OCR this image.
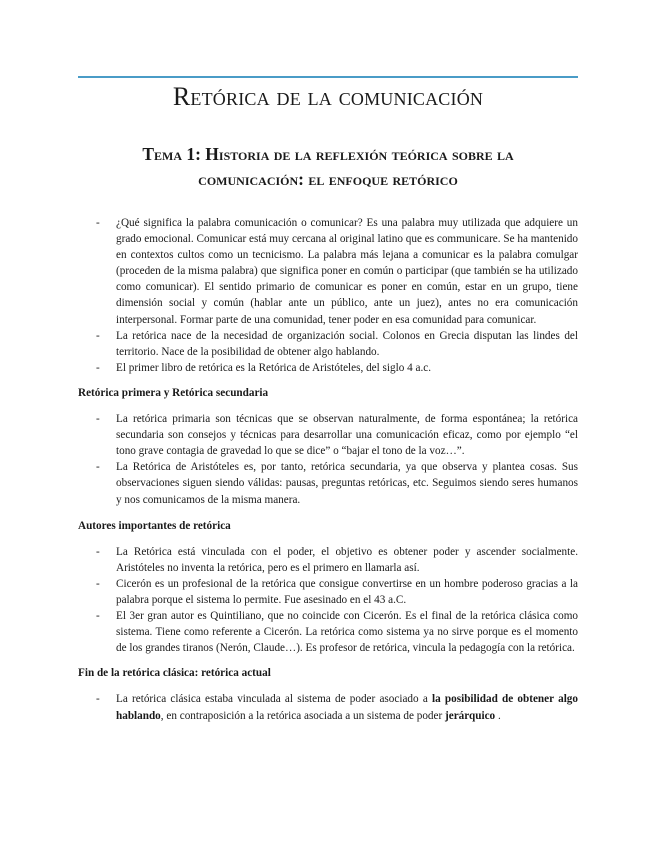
Retórica de la comunicación
Tema 1: Historia de la reflexión teórica sobre la
comunicación: el enfoque retórico
- ¿Qué significa la palabra comunicación o comunicar? Es una palabra muy utilizada que adquiere un grado emocional. Comunicar está muy cercana al original latino que es communicare. Se ha mantenido en contextos cultos como un tecnicismo. La palabra más lejana a comunicar es la palabra comulgar (proceden de la misma palabra) que significa poner en común o participar (que también se ha utilizado como comunicar). El sentido primario de comunicar es poner en común, estar en un grupo, tiene dimensión social y común (hablar ante un público, ante un juez), antes no era comunicación interpersonal. Formar parte de una comunidad, tener poder en esa comunidad para comunicar.
- La retórica nace de la necesidad de organización social. Colonos en Grecia disputan las lindes del territorio. Nace de la posibilidad de obtener algo hablando.
- El primer libro de retórica es la Retórica de Aristóteles, del siglo 4 a.c.

Retórica primera y Retórica secundaria

- La retórica primaria son técnicas que se observan naturalmente, de forma espontánea; la retórica secundaria son consejos y técnicas para desarrollar una comunicación eficaz, como por ejemplo “el tono grave contagia de gravedad lo que se dice” o “bajar el tono de la voz…”.
- La Retórica de Aristóteles es, por tanto, retórica secundaria, ya que observa y plantea cosas. Sus observaciones siguen siendo válidas: pausas, preguntas retóricas, etc. Seguimos siendo seres humanos y nos comunicamos de la misma manera.

Autores importantes de retórica

- La Retórica está vinculada con el poder, el objetivo es obtener poder y ascender socialmente. Aristóteles no inventa la retórica, pero es el primero en llamarla así.
- Cicerón es un profesional de la retórica que consigue convertirse en un hombre poderoso gracias a la palabra porque el sistema lo permite. Fue asesinado en el 43 a.C.
- El 3er gran autor es Quintiliano, que no coincide con Cicerón. Es el final de la retórica clásica como sistema. Tiene como referente a Cicerón. La retórica como sistema ya no sirve porque es el momento de los grandes tiranos (Nerón, Claude…). Es profesor de retórica, vincula la pedagogía con la retórica.

Fin de la retórica clásica: retórica actual

- La retórica clásica estaba vinculada al sistema de poder asociado a la posibilidad de obtener algo hablando, en contraposición a la retórica asociada a un sistema de poder jerárquico .
